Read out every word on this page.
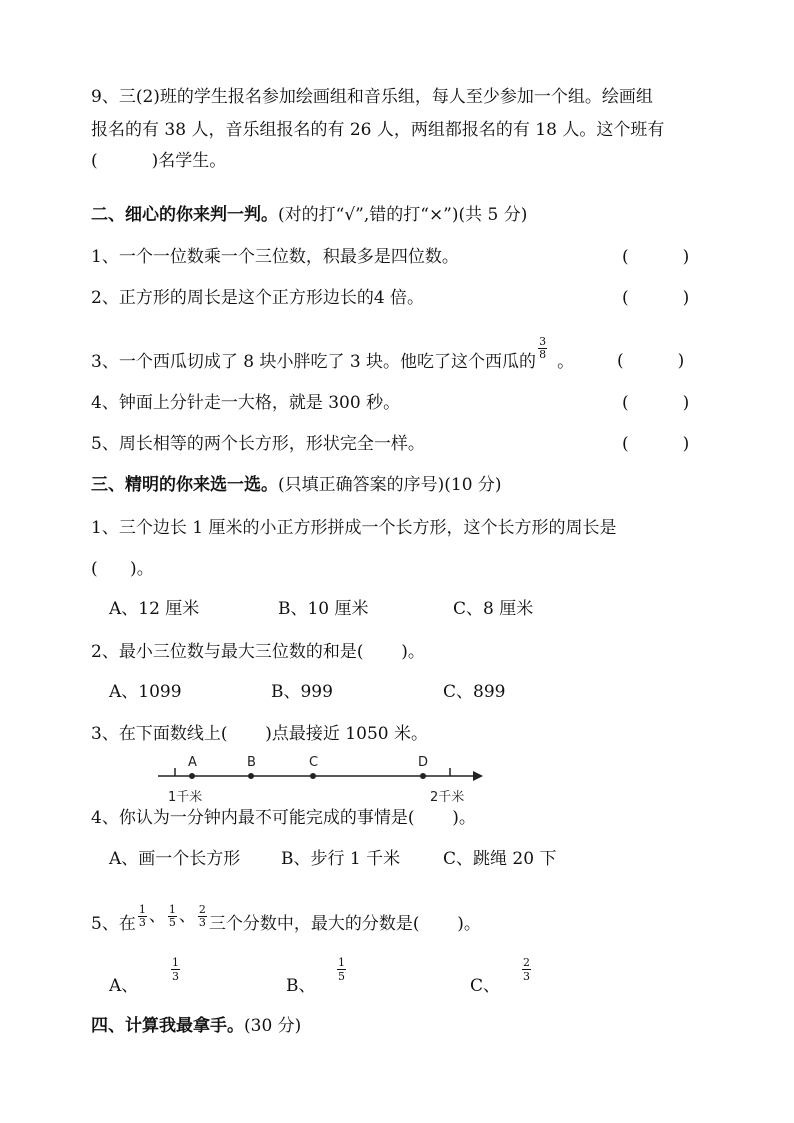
9、三(2)班的学生报名参加绘画组和音乐组，每人至少参加一个组。绘画组
报名的有 38 人，音乐组报名的有 26 人，两组都报名的有 18 人。这个班有
(          )名学生。
二、细心的你来判一判。(对的打“√”,错的打“×”)(共 5 分)
1、一个一位数乘一个三位数，积最多是四位数。	(          )
2、正方形的周长是这个正方形边长的4 倍。	(          )
3、一个西瓜切成了 8 块小胖吃了 3 块。他吃了这个西瓜的
$\frac{3}{8}$
。	(          )
4、钟面上分针走一大格，就是 300 秒。	(          )
5、周长相等的两个长方形，形状完全一样。	(          )
三、精明的你来选一选。(只填正确答案的序号)(10 分)
1、三个边长 1 厘米的小正方形拼成一个长方形，这个长方形的周长是
(      )。
A、12 厘米	B、10 厘米	C、8 厘米
2、最小三位数与最大三位数的和是(       )。
A、1099	B、999	C、899
3、在下面数线上(       )点最接近 1050 米。
A	B	C	D
1千米	2千米
4、你认为一分钟内最不可能完成的事情是(       )。
A、画一个长方形 B、步行 1 千米	C、跳绳 20 下
5、在 $\frac{1}{3}$ 、 $\frac{1}{5}$ 、 $\frac{2}{3}$ 三个分数中，最大的分数是(       )。
A、
$\frac{1}{3}$
B、
$\frac{1}{5}$
C、
$\frac{2}{3}$
四、计算我最拿手。(30 分)
